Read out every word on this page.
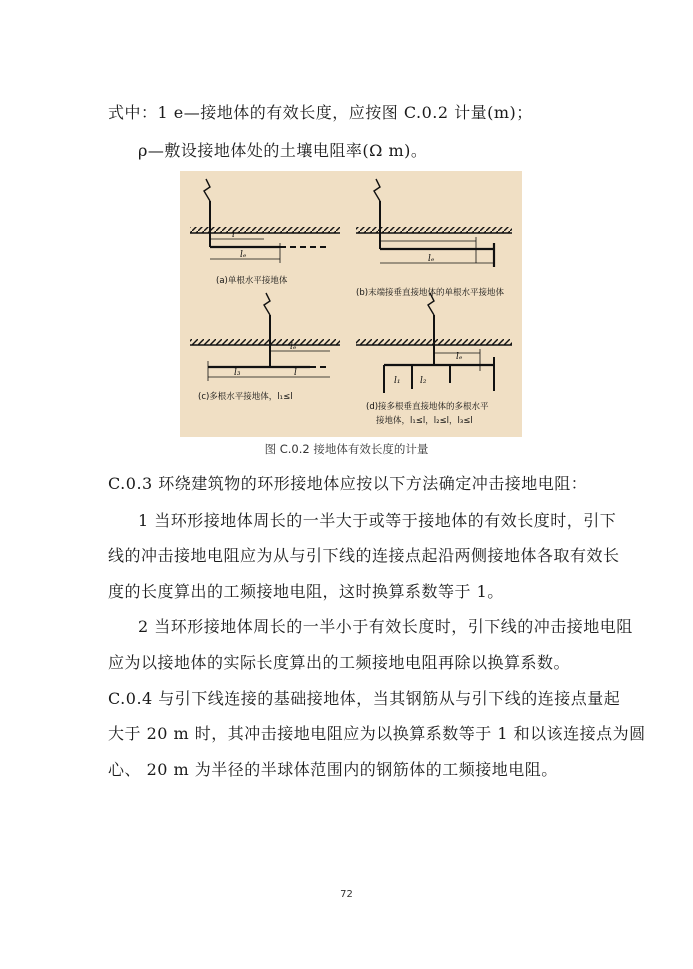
式中：1 e—接地体的有效长度，应按图 C.0.2 计量(m)；
ρ—敷设接地体处的土壤电阻率(Ω m)。
l
lₑ
(a)单根水平接地体
lₑ
(b)末端接垂直接地体的单根水平接地体
lₑ
l₃	l
(c)多根水平接地体，l₁≤l
lₑ
l₁ l₂
(d)接多根垂直接地体的多根水平
接地体，l₁≤l，l₂≤l，l₃≤l
图 C.0.2 接地体有效长度的计量
C.0.3 环绕建筑物的环形接地体应按以下方法确定冲击接地电阻：
1 当环形接地体周长的一半大于或等于接地体的有效长度时，引下
线的冲击接地电阻应为从与引下线的连接点起沿两侧接地体各取有效长
度的长度算出的工频接地电阻，这时换算系数等于 1。
2 当环形接地体周长的一半小于有效长度时，引下线的冲击接地电阻
应为以接地体的实际长度算出的工频接地电阻再除以换算系数。
C.0.4 与引下线连接的基础接地体，当其钢筋从与引下线的连接点量起
大于 20 m 时，其冲击接地电阻应为以换算系数等于 1 和以该连接点为圆
心、 20 m 为半径的半球体范围内的钢筋体的工频接地电阻。
72
